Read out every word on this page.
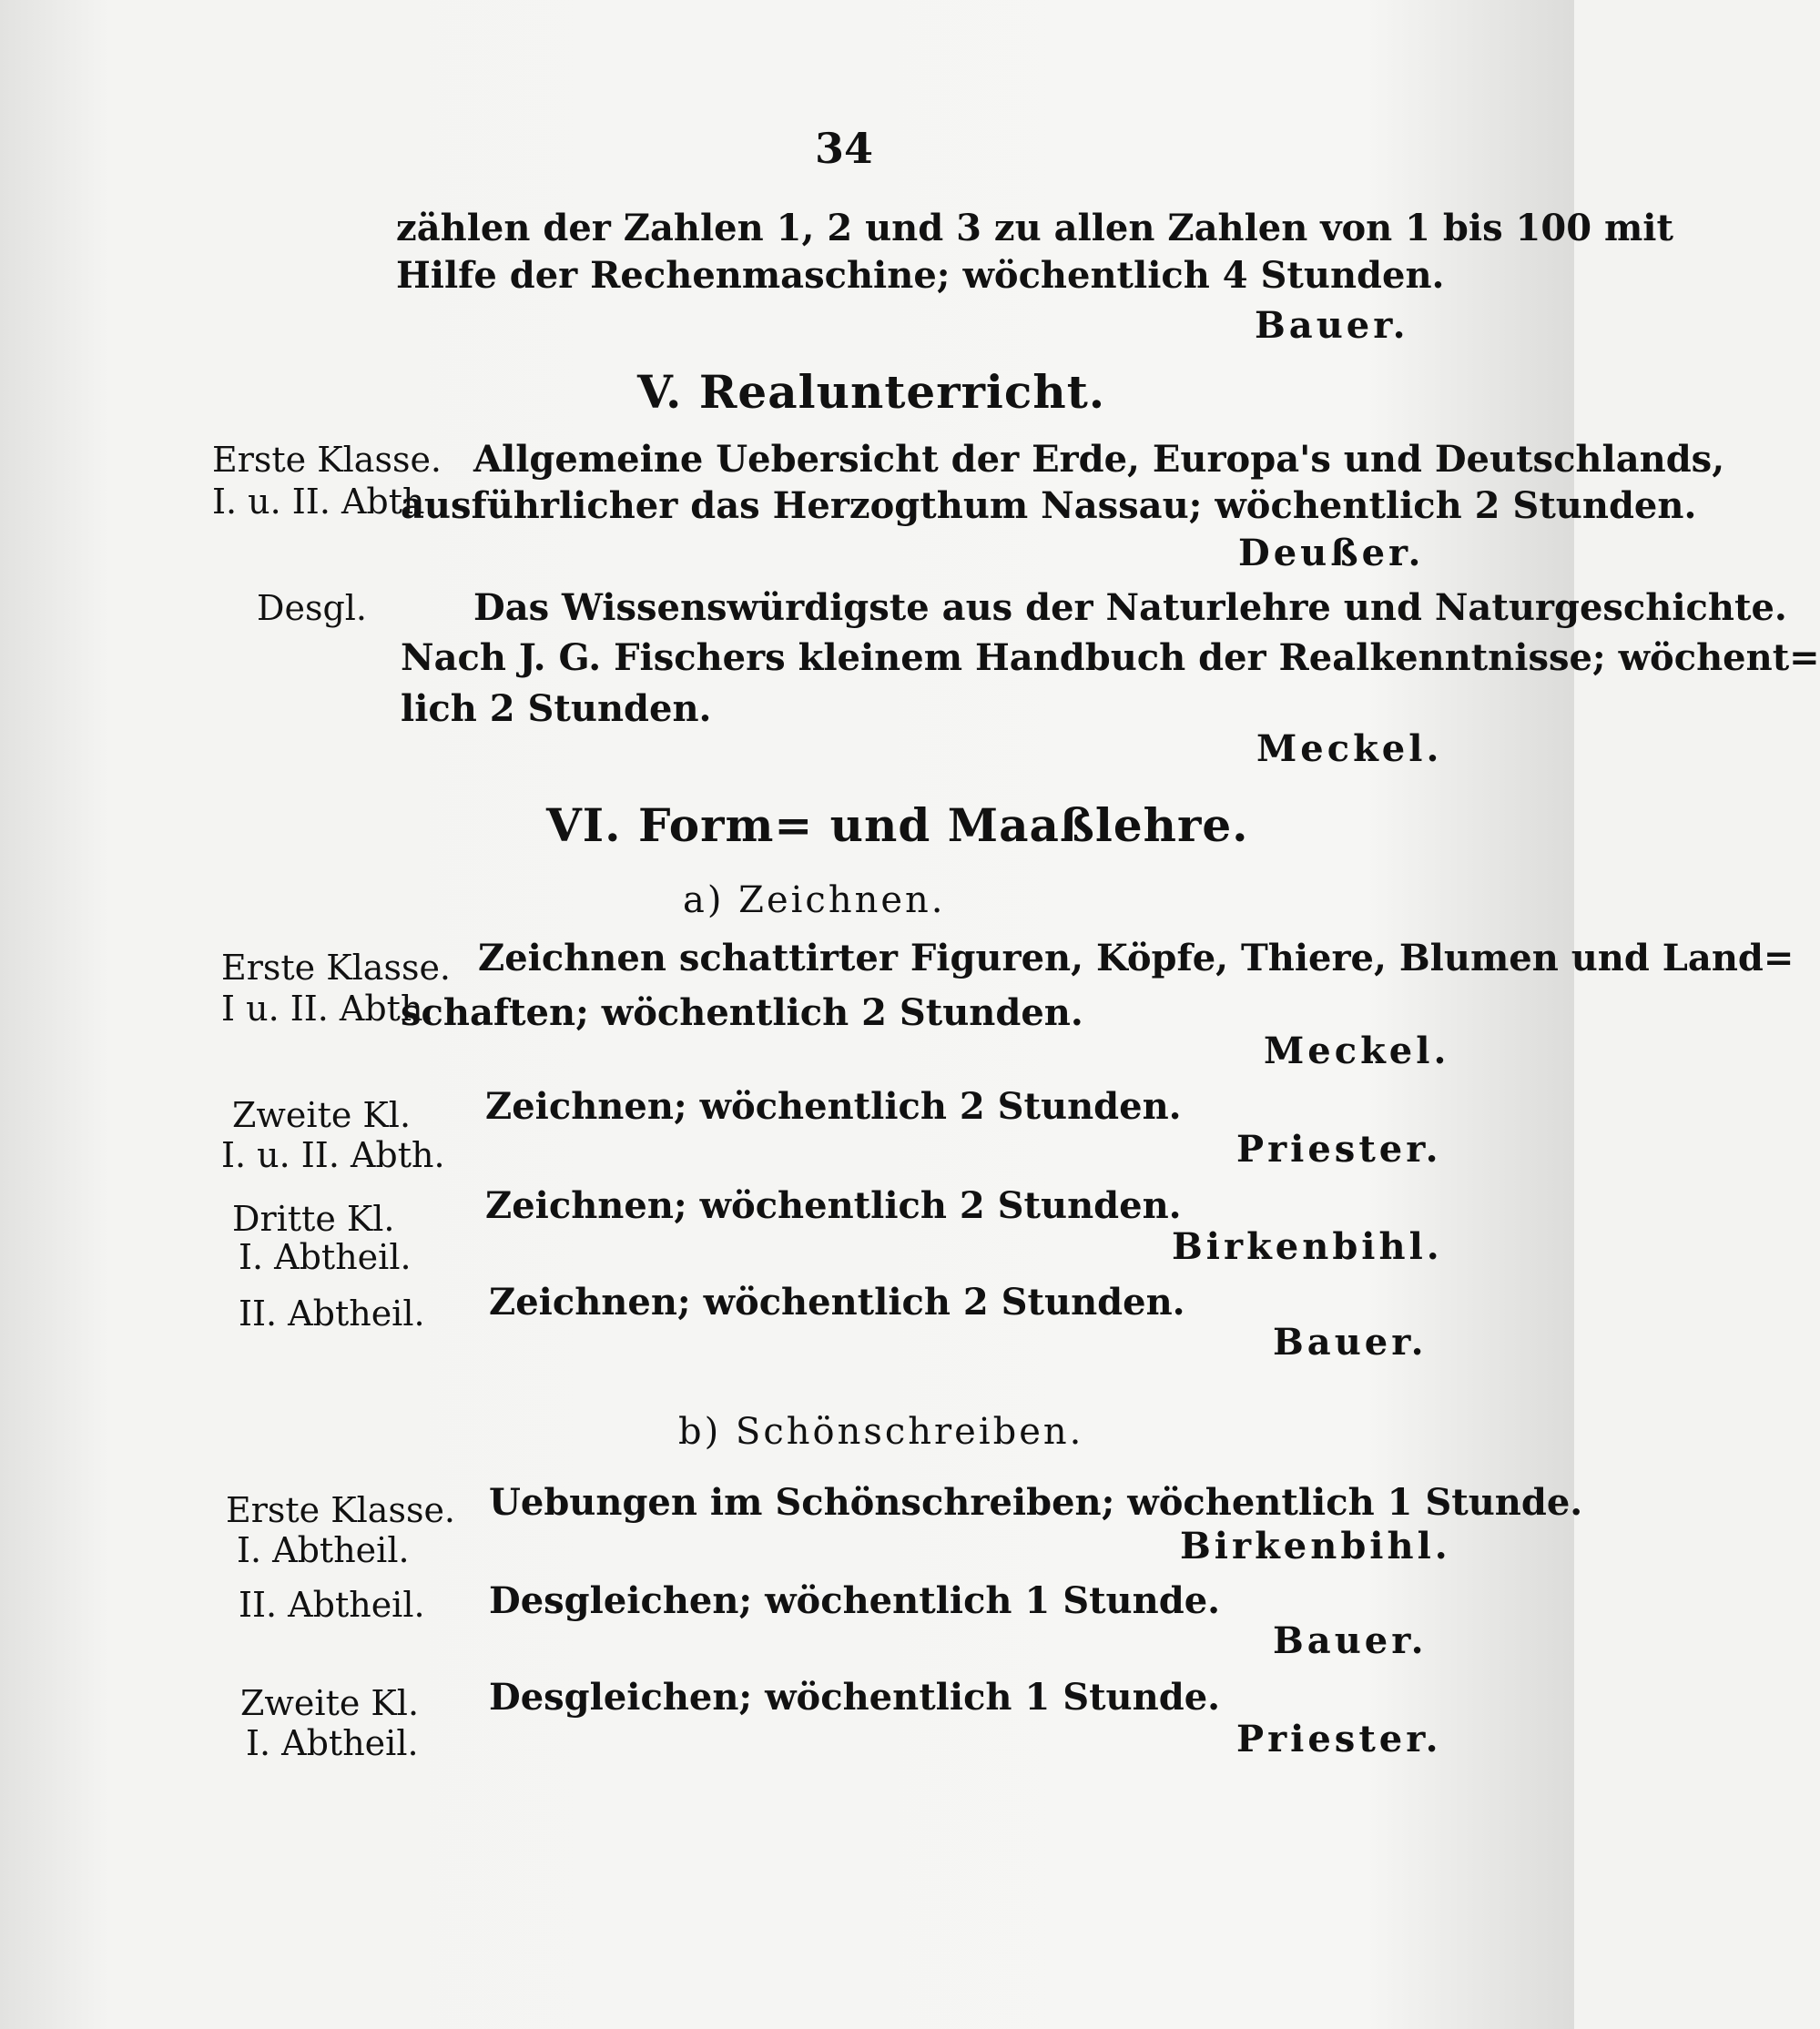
34
zählen der Zahlen 1, 2 und 3 zu allen Zahlen von 1 bis 100 mit
Hilfe der Rechenmaschine; wöchentlich 4 Stunden.
Bauer.
V. Realunterricht.
Erste Klasse.
I. u. II. Abth.
Allgemeine Uebersicht der Erde, Europa's und Deutschlands,
ausführlicher das Herzogthum Nassau; wöchentlich 2 Stunden.
Deußer.
Desgl.	Das Wissenswürdigste aus der Naturlehre und Naturgeschichte.
Nach J. G. Fischers kleinem Handbuch der Realkenntnisse; wöchent=
lich 2 Stunden.
Meckel.
VI. Form= und Maaßlehre.
a) Zeichnen.
Erste Klasse.
I u. II. Abth.
Zeichnen schattirter Figuren, Köpfe, Thiere, Blumen und Land=
schaften; wöchentlich 2 Stunden.
Meckel.
Zweite Kl.
I. u. II. Abth.
Zeichnen; wöchentlich 2 Stunden.
Priester.
Dritte Kl.
I. Abtheil.
Zeichnen; wöchentlich 2 Stunden.
Birkenbihl.
II. Abtheil. Zeichnen; wöchentlich 2 Stunden.
Bauer.
b) Schönschreiben.
Erste Klasse.
I. Abtheil.
Uebungen im Schönschreiben; wöchentlich 1 Stunde.
Birkenbihl.
II. Abtheil. Desgleichen; wöchentlich 1 Stunde.
Bauer.
Zweite Kl.
I. Abtheil.
Desgleichen; wöchentlich 1 Stunde.
Priester.
